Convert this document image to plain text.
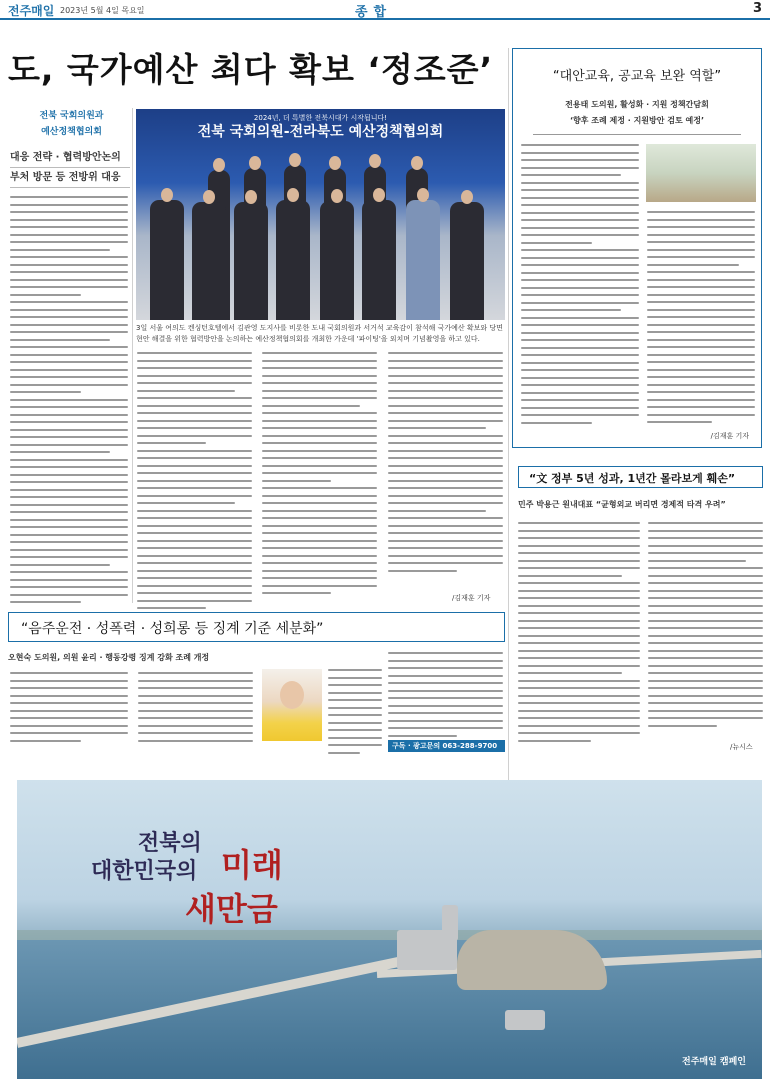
전주매일 2023년 5월 4일 목요일	종합	3
도, 국가예산 최다 확보 ‘정조준’
전북 국회의원과
예산정책협의회
대응 전략 · 협력방안논의
부처 방문 등 전방위 대응
2024년, 더 특별한 전북시대가 시작됩니다!
전북 국회의원-전라북도 예산정책협의회
3일 서울 여의도 켄싱턴호텔에서 김관영 도지사를 비롯한 도내 국회의원과 서거석 교육감이 참석해 국가예산 확보와 당면 현안 해결을 위한 협력방안을 논의하는 예산정책협의회를 개최한 가운데 '파이팅'을 외치며 기념촬영을 하고 있다.
/김재훈 기자
“대안교육, 공교육 보완 역할”
전용태 도의원, 활성화 · 지원 정책간담회
‘향후 조례 제정 · 지원방안 검토 예정’
/김재훈 기자
“文 정부 5년 성과, 1년간 몰라보게 훼손”
민주 박용근 원내대표 “균형외교 버리면 경제적 타격 우려”
/뉴시스
“음주운전 · 성폭력 · 성희롱 등 징계 기준 세분화”
오현숙 도의원, 의원 윤리 · 행동강령 징계 강화 조례 개정
구독 · 광고문의 063-288-9700
전북의
대한민국의 미래
새만금
전주매일 캠페인
